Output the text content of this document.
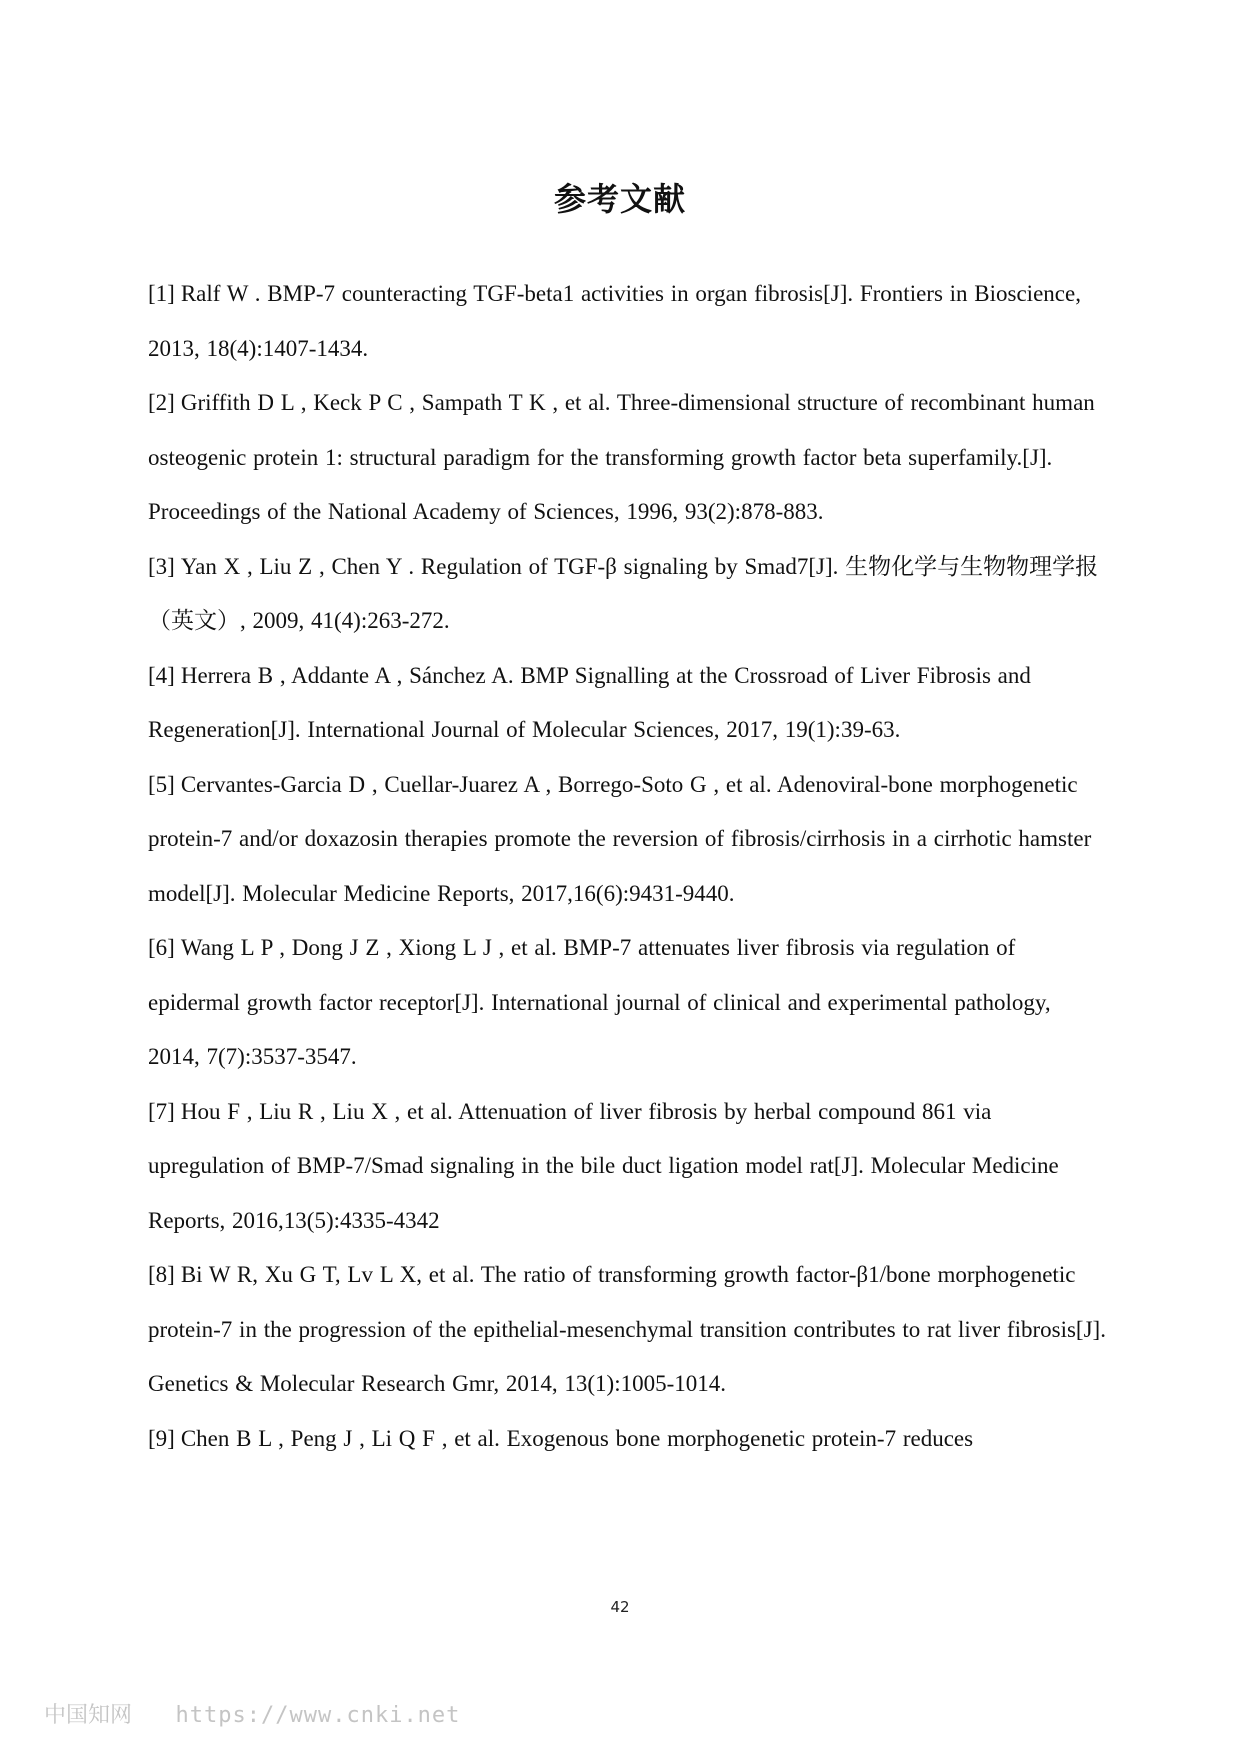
参考文献
[1] Ralf W . BMP-7 counteracting TGF-beta1 activities in organ fibrosis[J]. Frontiers in Bioscience, 2013, 18(4):1407-1434.
[2] Griffith D L , Keck P C , Sampath T K , et al. Three-dimensional structure of recombinant human osteogenic protein 1: structural paradigm for the transforming growth factor beta superfamily.[J]. Proceedings of the National Academy of Sciences, 1996, 93(2):878-883.
[3] Yan X , Liu Z , Chen Y . Regulation of TGF-β signaling by Smad7[J]. 生物化学与生物物理学报（英文）, 2009, 41(4):263-272.
[4] Herrera B , Addante A , Sánchez A. BMP Signalling at the Crossroad of Liver Fibrosis and Regeneration[J]. International Journal of Molecular Sciences, 2017, 19(1):39-63.
[5] Cervantes-Garcia D , Cuellar-Juarez A , Borrego-Soto G , et al. Adenoviral-bone morphogenetic protein-7 and/or doxazosin therapies promote the reversion of fibrosis/cirrhosis in a cirrhotic hamster model[J]. Molecular Medicine Reports, 2017,16(6):9431-9440.
[6] Wang L P , Dong J Z , Xiong L J , et al. BMP-7 attenuates liver fibrosis via regulation of epidermal growth factor receptor[J]. International journal of clinical and experimental pathology, 2014, 7(7):3537-3547.
[7] Hou F , Liu R , Liu X , et al. Attenuation of liver fibrosis by herbal compound 861 via upregulation of BMP-7/Smad signaling in the bile duct ligation model rat[J]. Molecular Medicine Reports, 2016,13(5):4335-4342
[8] Bi W R, Xu G T, Lv L X, et al. The ratio of transforming growth factor-β1/bone morphogenetic protein-7 in the progression of the epithelial-mesenchymal transition contributes to rat liver fibrosis[J]. Genetics & Molecular Research Gmr, 2014, 13(1):1005-1014.
[9] Chen B L , Peng J , Li Q F , et al. Exogenous bone morphogenetic protein-7 reduces
42
中国知网 https://www.cnki.net
